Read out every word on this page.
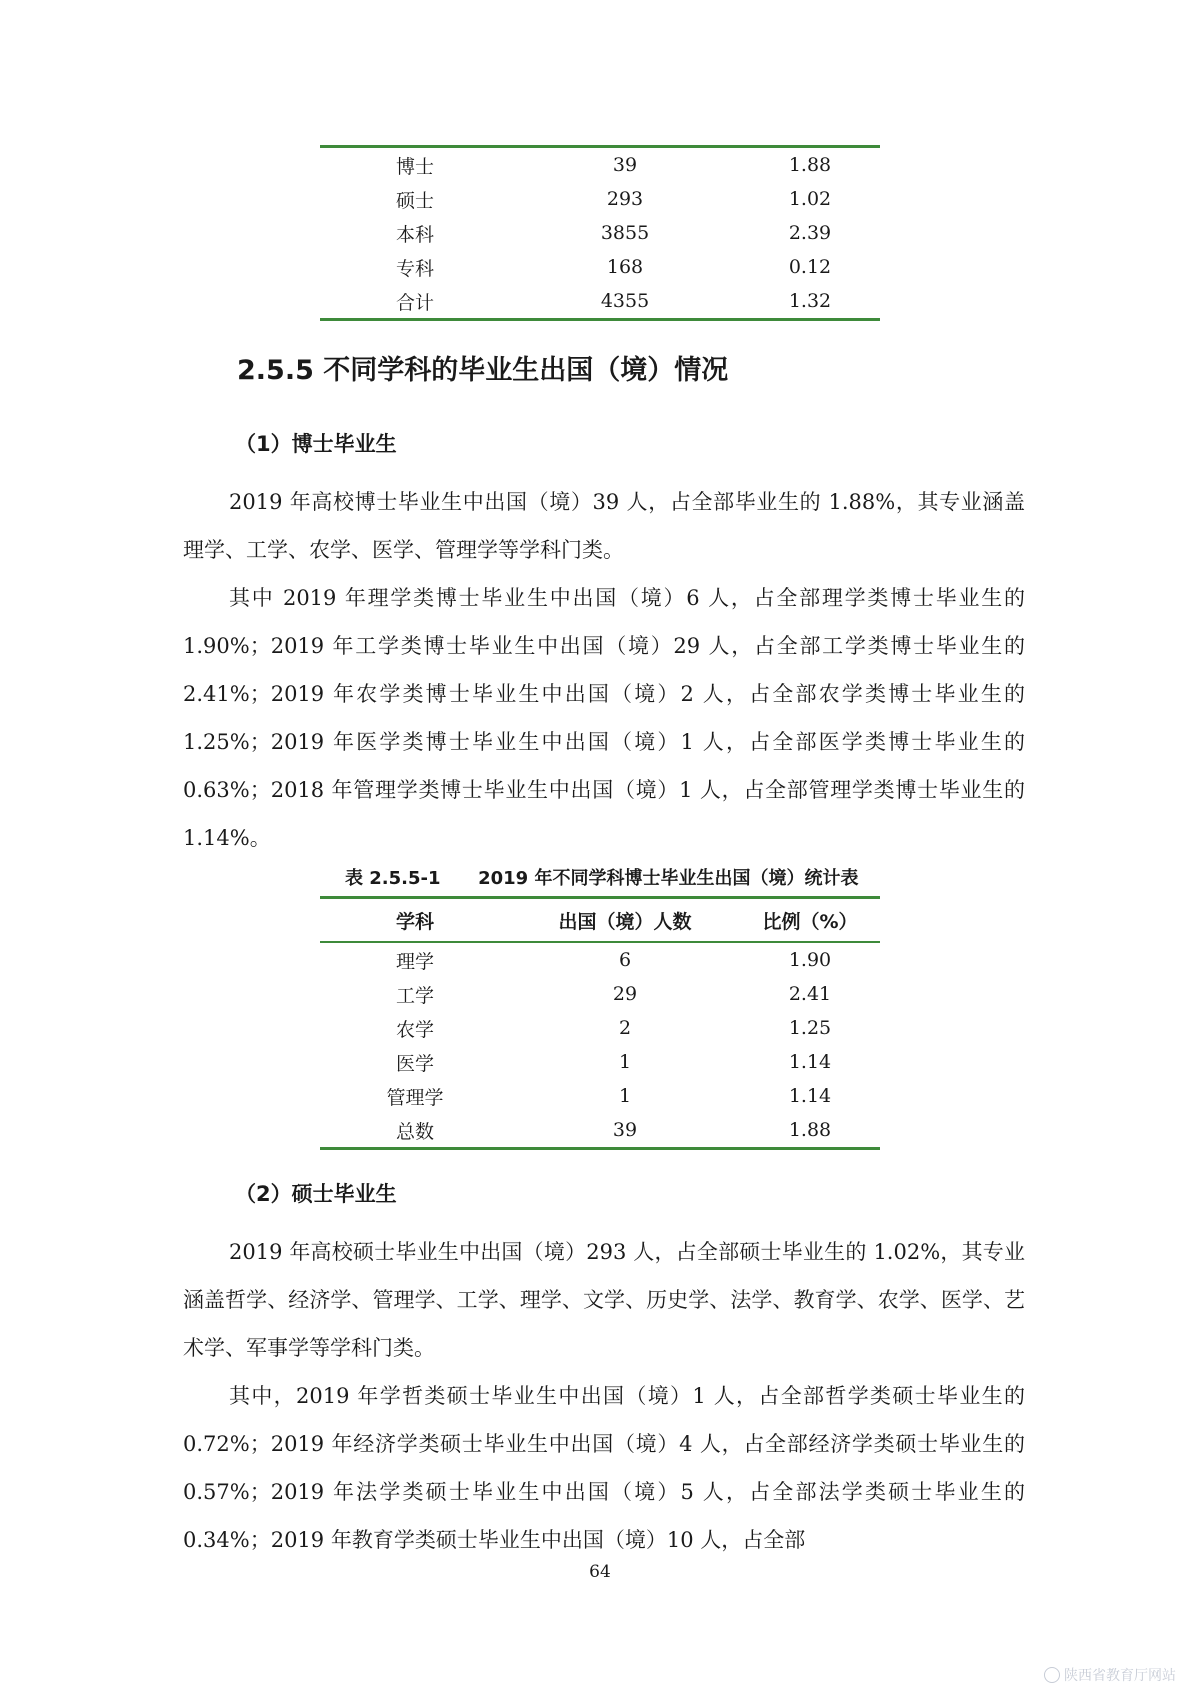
博士	39	1.88
硕士	293	1.02
本科	3855	2.39
专科	168	0.12
合计	4355	1.32
2.5.5 不同学科的毕业生出国（境）情况
（1）博士毕业生

2019 年高校博士毕业生中出国（境）39 人，占全部毕业生的 1.88%，其专业涵盖理学、工学、农学、医学、管理学等学科门类。

其中 2019 年理学类博士毕业生中出国（境）6 人，占全部理学类博士毕业生的 1.90%；2019 年工学类博士毕业生中出国（境）29 人，占全部工学类博士毕业生的 2.41%；2019 年农学类博士毕业生中出国（境）2 人，占全部农学类博士毕业生的 1.25%；2019 年医学类博士毕业生中出国（境）1 人，占全部医学类博士毕业生的 0.63%；2018 年管理学类博士毕业生中出国（境）1 人，占全部管理学类博士毕业生的 1.14%。

表 2.5.5-1      2019 年不同学科博士毕业生出国（境）统计表

学科	出国（境）人数	比例（%）
理学	6	1.90
工学	29	2.41
农学	2	1.25
医学	1	1.14
管理学	1	1.14
总数	39	1.88
（2）硕士毕业生

2019 年高校硕士毕业生中出国（境）293 人，占全部硕士毕业生的 1.02%，其专业涵盖哲学、经济学、管理学、工学、理学、文学、历史学、法学、教育学、农学、医学、艺术学、军事学等学科门类。

其中，2019 年学哲类硕士毕业生中出国（境）1 人，占全部哲学类硕士毕业生的 0.72%；2019 年经济学类硕士毕业生中出国（境）4 人，占全部经济学类硕士毕业生的 0.57%；2019 年法学类硕士毕业生中出国（境）5 人，占全部法学类硕士毕业生的 0.34%；2019 年教育学类硕士毕业生中出国（境）10 人，占全部

64

陕西省教育厅网站
